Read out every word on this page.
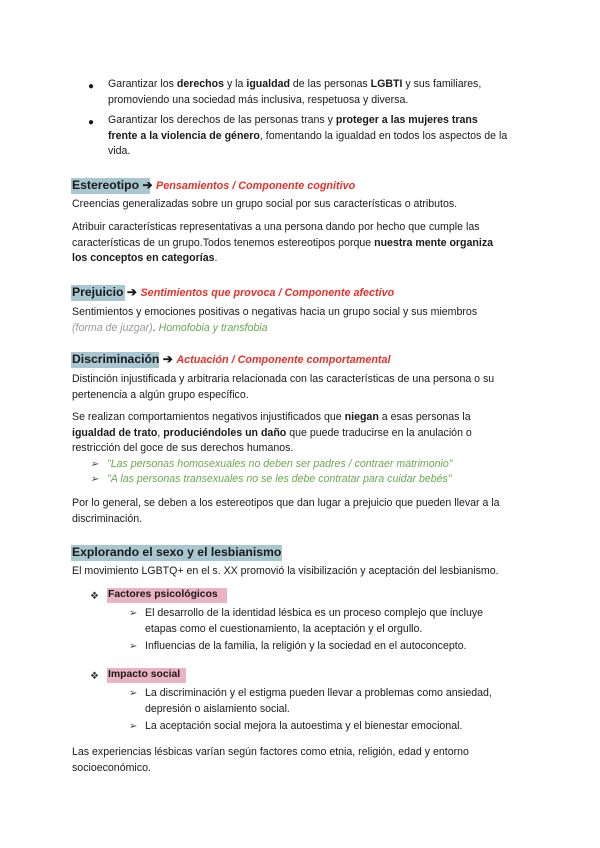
● Garantizar los derechos y la igualdad de las personas LGBTI y sus familiares,
promoviendo una sociedad más inclusiva, respetuosa y diversa.
● Garantizar los derechos de las personas trans y proteger a las mujeres trans
frente a la violencia de género, fomentando la igualdad en todos los aspectos de la
vida.
Estereotipo ➔ Pensamientos / Componente cognitivo
Creencias generalizadas sobre un grupo social por sus características o atributos.
Atribuir características representativas a una persona dando por hecho que cumple las
características de un grupo.Todos tenemos estereotipos porque nuestra mente organiza
los conceptos en categorías.
Prejuicio ➔ Sentimientos que provoca / Componente afectivo
Sentimientos y emociones positivas o negativas hacia un grupo social y sus miembros
(forma de juzgar). Homofobia y transfobia
Discriminación ➔ Actuación / Componente comportamental
Distinción injustificada y arbitraria relacionada con las características de una persona o su
pertenencia a algún grupo específico.
Se realizan comportamientos negativos injustificados que niegan a esas personas la
igualdad de trato, produciéndoles un daño que puede traducirse en la anulación o
restricción del goce de sus derechos humanos.
➢ "Las personas homosexuales no deben ser padres / contraer matrimonio"
➢ "A las personas transexuales no se les debe contratar para cuidar bebés"
Por lo general, se deben a los estereotipos que dan lugar a prejuicio que pueden llevar a la
discriminación.
Explorando el sexo y el lesbianismo
El movimiento LGBTQ+ en el s. XX promovió la visibilización y aceptación del lesbianismo.
❖ Factores psicológicos
➢ El desarrollo de la identidad lésbica es un proceso complejo que incluye
etapas como el cuestionamiento, la aceptación y el orgullo.
➢ Influencias de la familia, la religión y la sociedad en el autoconcepto.
❖ Impacto social
➢ La discriminación y el estigma pueden llevar a problemas como ansiedad,
depresión o aislamiento social.
➢ La aceptación social mejora la autoestima y el bienestar emocional.
Las experiencias lésbicas varían según factores como etnia, religión, edad y entorno
socioeconómico.
